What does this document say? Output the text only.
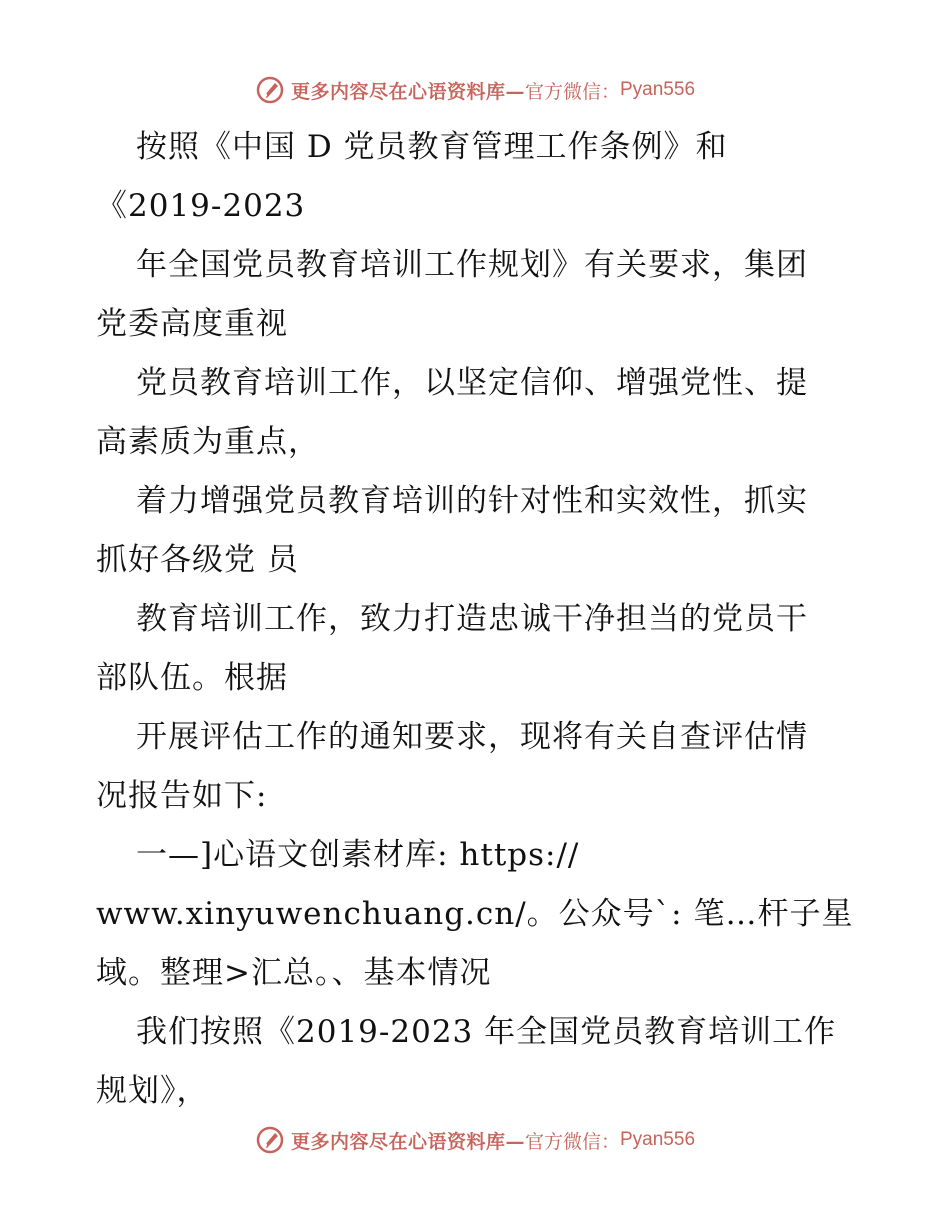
更多内容尽在心语资料库— 官方微信： Pyan556
按照《中国 D 党员教育管理工作条例》和
《2019-2023
年全国党员教育培训工作规划》有关要求，集团
党委高度重视
党员教育培训工作，以坚定信仰、增强党性、提
高素质为重点，
着力增强党员教育培训的针对性和实效性，抓实
抓好各级党 员
教育培训工作，致力打造忠诚干净担当的党员干
部队伍。根据
开展评估工作的通知要求，现将有关自查评估情
况报告如下:
一—]心语文创素材库: https://
www.xinyuwenchuang.cn/。公众号`: 笔…杆子星
域。整理>汇总。、基本情况
我们按照《2019-2023 年全国党员教育培训工作
规划》，
更多内容尽在心语资料库— 官方微信： Pyan556
